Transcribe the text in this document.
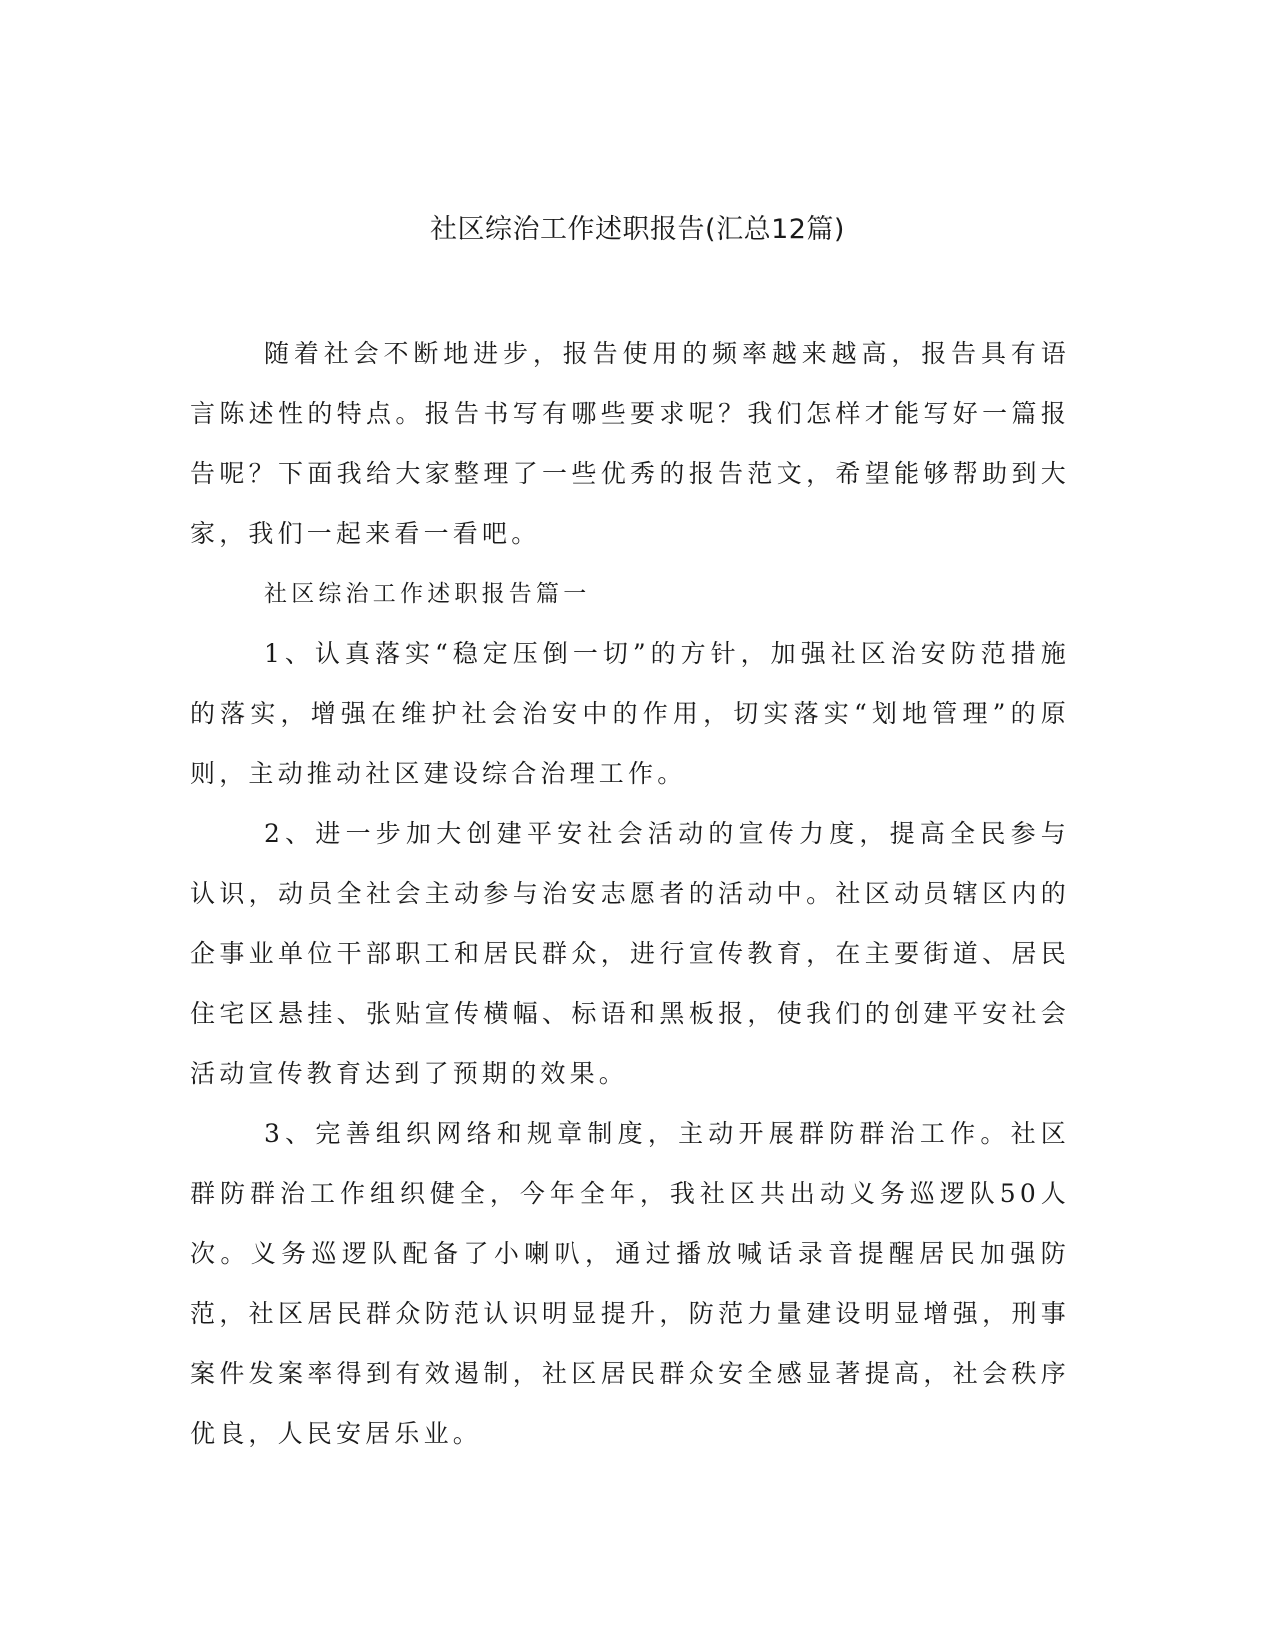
社区综治工作述职报告(汇总12篇)

随着社会不断地进步，报告使用的频率越来越高，报告具有语言陈述性的特点。报告书写有哪些要求呢？我们怎样才能写好一篇报告呢？下面我给大家整理了一些优秀的报告范文，希望能够帮助到大家，我们一起来看一看吧。

社区综治工作述职报告篇一

1、认真落实“稳定压倒一切”的方针，加强社区治安防范措施的落实，增强在维护社会治安中的作用，切实落实“划地管理”的原则，主动推动社区建设综合治理工作。

2、进一步加大创建平安社会活动的宣传力度，提高全民参与认识，动员全社会主动参与治安志愿者的活动中。社区动员辖区内的企事业单位干部职工和居民群众，进行宣传教育，在主要街道、居民住宅区悬挂、张贴宣传横幅、标语和黑板报，使我们的创建平安社会活动宣传教育达到了预期的效果。

3、完善组织网络和规章制度，主动开展群防群治工作。社区群防群治工作组织健全，今年全年，我社区共出动义务巡逻队50人次。义务巡逻队配备了小喇叭，通过播放喊话录音提醒居民加强防范，社区居民群众防范认识明显提升，防范力量建设明显增强，刑事案件发案率得到有效遏制，社区居民群众安全感显著提高，社会秩序优良，人民安居乐业。
